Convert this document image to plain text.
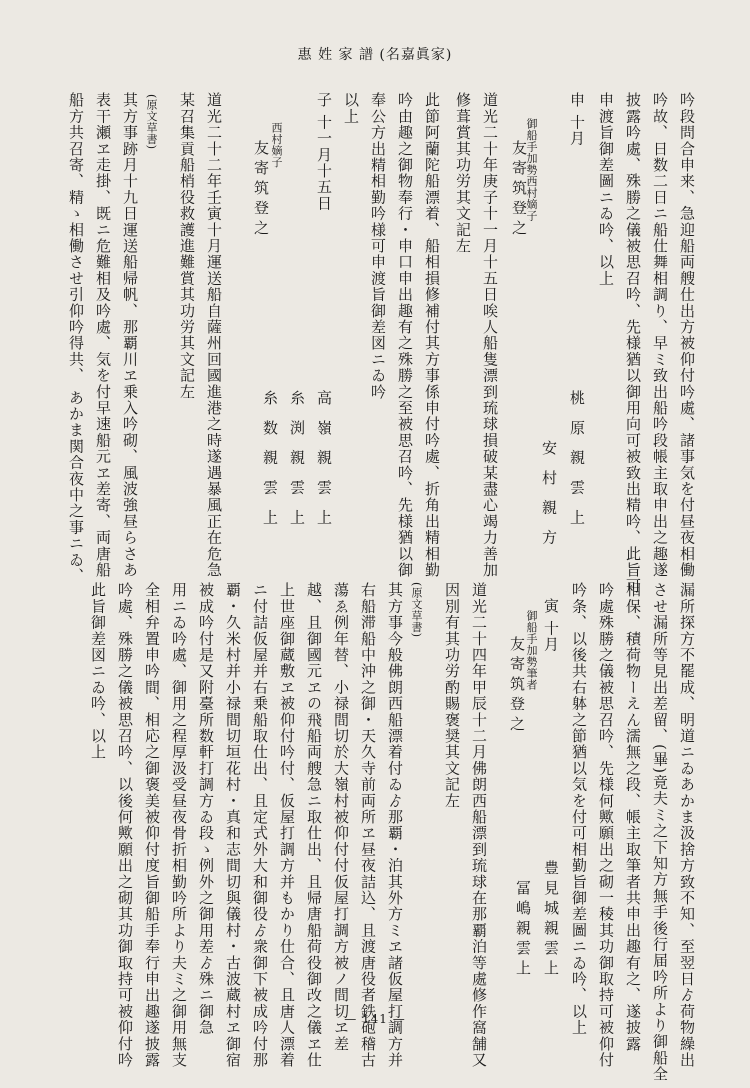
惠 姓 家 譜 (名嘉眞家)
吟段問合申来、急迎船両艘仕出方被仰付吟處、諸事気を付昼夜相働
吟故、日数二日ニ船仕舞相調り、早ミ致出船吟段帳主取申出之趣遂
披露吟處、殊勝之儀被思召吟、先様猶以御用向可被致出精吟、此旨可
申渡旨御差圖ニゐ吟、以上
申 十月
桃 原 親 雲 上
安 村 親 方
御船手加勢西村嫡子
友寄筑登之
道光二十年庚子十一月十五日唉人船隻漂到琉球損破某盡心竭力善加
修葺賞其功労其文記左
此節阿蘭陀船漂着、船相損修補付其方事係申付吟處、折角出精相勤
吟由趣之御物奉行・申口申出趣有之殊勝之至被思召吟、先様猶以御
奉公方出精相勤吟様可申渡旨御差図ニゐ吟
以上
子 十一月十五日
高 嶺 親 雲 上
糸 渕 親 雲 上
糸 数 親 雲 上
西村嫡子
友寄筑登之
道光二十二年壬寅十月運送船自薩州回國進港之時遂遇暴風正在危急
某召集貢船梢役救護進難賞其功労其文記左
(原文草書)
其方事跡月十九日運送船帰帆、那覇川ヱ乗入吟砌、風波強昼らさあ
表干瀬ヱ走掛、既ニ危難相及吟處、気を付早速船元ヱ差寄、両唐船
船方共召寄、精ゝ相働させ引仰吟得共、 あかま関合夜中之事ニゐ、
漏所探方不罷成、明道ニゐあかま汲捨方致不知、至翌日ゟ荷物繰出
させ漏所等見出差留、(畢)竟夫ミ之下知方無手後行届吟所より御船全
相保、積荷物ーえん濡無之段、帳主取筆者共申出趣有之、遂披露
吟處殊勝之儀被思召吟、先様何歟願出之砌一稜其功御取持可被仰付
吟条、以後共右躰之節猶以気を付可相勤旨御差圖ニゐ吟、以上
寅 十月
豊見城親雲上
冨嶋親雲上
御船手加勢筆者
友寄筑登之
道光二十四年甲辰十二月佛朗西船漂到琉球在那覇泊等處修作窩舗又
因別有其功労酌賜褒奨其文記左
(原文草書)
其方事今般佛朗西船漂着付ゐゟ那覇・泊其外方ミヱ諸仮屋打調方并
右船滞船中沖之御・天久寺前両所ヱ昼夜詰込、且渡唐役者鉄砲稽古
蕩ゑ例年替、小禄間切於大嶺村被仰付付仮屋打調方被ノ間切ヱ差
越、且御國元ヱの飛船両艘急ニ取仕出、且帰唐船荷役御改之儀ヱ仕
上世座御蔵敷ヱ被仰付吟付、仮屋打調方并もかり仕合、且唐人漂着
ニ付詰仮屋并右乗船取仕出、且定式外大和御役ゟ衆御下被成吟付那
覇・久米村并小禄間切垣花村・真和志間切與儀村・古波蔵村ヱ御宿
被成吟付是又附臺所数軒打調方ゐ段ゝ例外之御用差ゟ殊ニ御急
用ニゐ吟處、御用之程厚汲受昼夜骨折相勤吟所より夫ミ之御用無支
全相弁置申吟間、相応之御褒美被仰付度旨御船手奉行申出趣遂披露
吟處、殊勝之儀被思召吟、以後何歟願出之砌其功御取持可被仰付吟
此旨御差図ニゐ吟、以上
— 141 —
